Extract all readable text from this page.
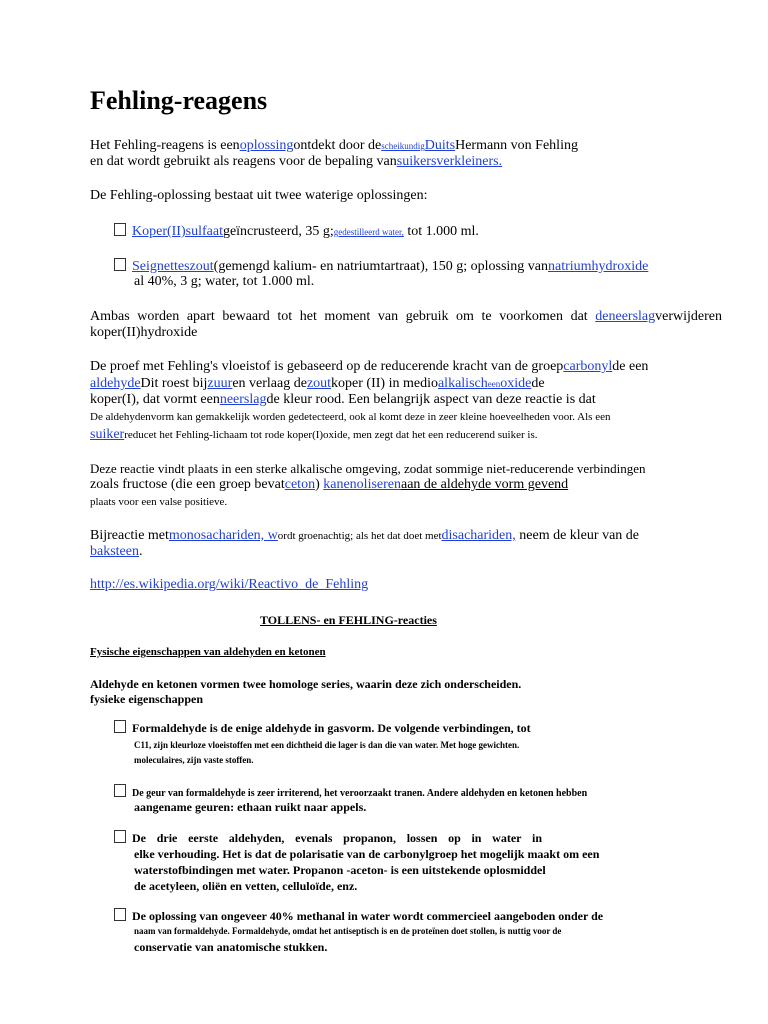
Fehling-reagens
Het Fehling-reagens is eenoplossingontdekt door descheikundigDuitsHermann von Fehling
en dat wordt gebruikt als reagens voor de bepaling vansuikersverkleiners.
De Fehling-oplossing bestaat uit twee waterige oplossingen:
Koper(II)sulfaatgeïncrusteerd, 35 g;gedestilleerd water, tot 1.000 ml.
Seignetteszout(gemengd kalium- en natriumtartraat), 150 g; oplossing vannatriumhydroxide
al 40%, 3 g; water, tot 1.000 ml.
Ambas worden apart bewaard tot het moment van gebruik om te voorkomen dat deneerslagverwijderen
koper(II)hydroxide
De proef met Fehling's vloeistof is gebaseerd op de reducerende kracht van de groepcarbonylde een
aldehydeDit roest bijzuuren verlaag dezoutkoper (II) in medioalkalischeenoxidede
koper(I), dat vormt eenneerslagde kleur rood. Een belangrijk aspect van deze reactie is dat
De aldehydenvorm kan gemakkelijk worden gedetecteerd, ook al komt deze in zeer kleine hoeveelheden voor. Als een
suikerreducet het Fehling-lichaam tot rode koper(I)oxide, men zegt dat het een reducerend suiker is.
Deze reactie vindt plaats in een sterke alkalische omgeving, zodat sommige niet-reducerende verbindingen
zoals fructose (die een groep bevatceton) kanenoliserenaan de aldehyde vorm gevend
plaats voor een valse positieve.
Bijreactie metmonosachariden, wordt groenachtig; als het dat doet metdisachariden, neem de kleur van de
baksteen.
http://es.wikipedia.org/wiki/Reactivo_de_Fehling
TOLLENS- en FEHLING-reacties
Fysische eigenschappen van aldehyden en ketonen
Aldehyde en ketonen vormen twee homologe series, waarin deze zich onderscheiden.
fysieke eigenschappen
Formaldehyde is de enige aldehyde in gasvorm. De volgende verbindingen, tot
C11, zijn kleurloze vloeistoffen met een dichtheid die lager is dan die van water. Met hoge gewichten.
moleculaires, zijn vaste stoffen.
De geur van formaldehyde is zeer irriterend, het veroorzaakt tranen. Andere aldehyden en ketonen hebben
aangename geuren: ethaan ruikt naar appels.
De drie eerste aldehyden, evenals propanon, lossen op in water in
elke verhouding. Het is dat de polarisatie van de carbonylgroep het mogelijk maakt om een
waterstofbindingen met water. Propanon -aceton- is een uitstekende oplosmiddel
de acetyleen, oliën en vetten, celluloïde, enz.
De oplossing van ongeveer 40% methanal in water wordt commercieel aangeboden onder de
naam van formaldehyde. Formaldehyde, omdat het antiseptisch is en de proteïnen doet stollen, is nuttig voor de
conservatie van anatomische stukken.
